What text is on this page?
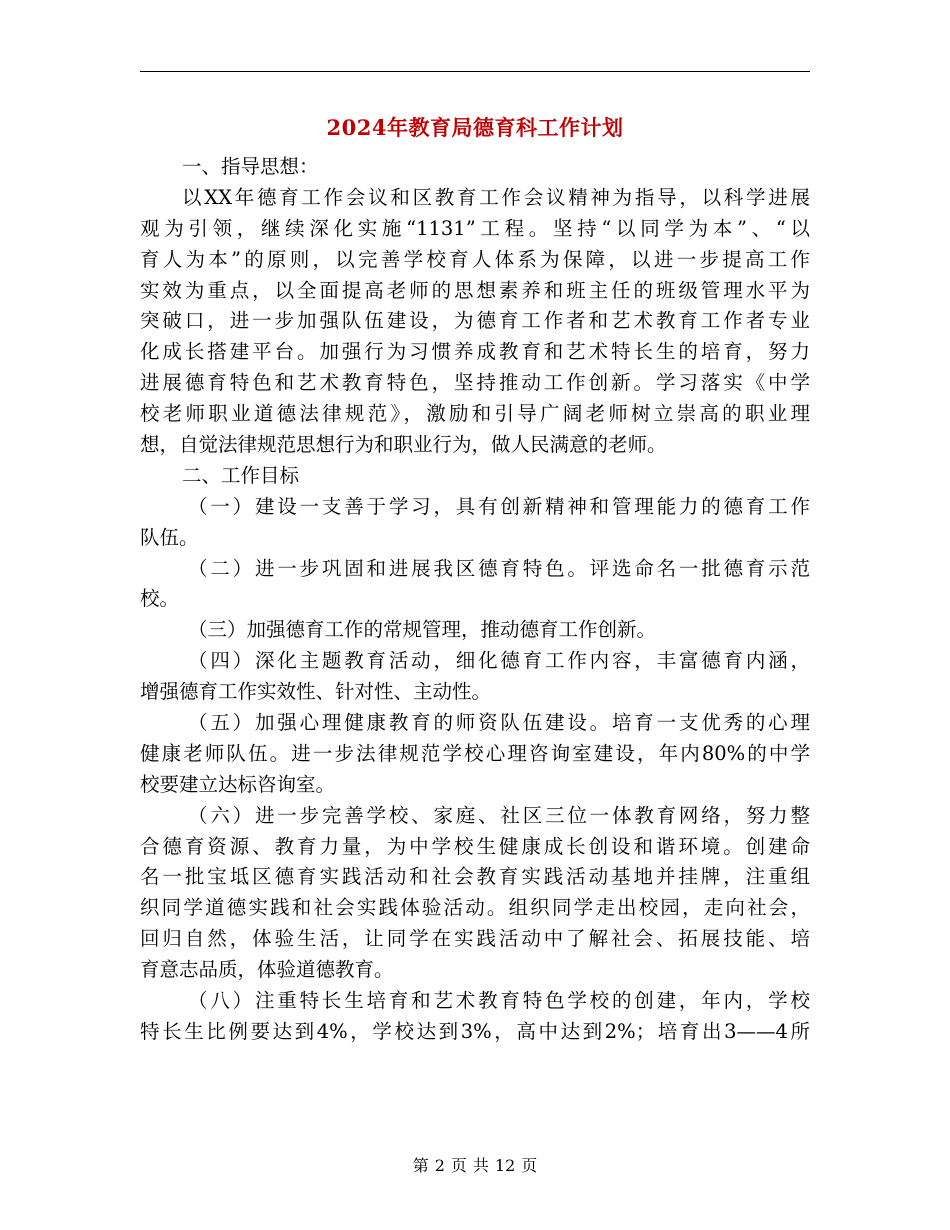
2024年教育局德育科工作计划
一、指导思想：
以XX年德育工作会议和区教育工作会议精神为指导，以科学进展
观为引领，继续深化实施“1131”工程。坚持“以同学为本”、“以
育人为本”的原则，以完善学校育人体系为保障，以进一步提高工作
实效为重点，以全面提高老师的思想素养和班主任的班级管理水平为
突破口，进一步加强队伍建设，为德育工作者和艺术教育工作者专业
化成长搭建平台。加强行为习惯养成教育和艺术特长生的培育，努力
进展德育特色和艺术教育特色，坚持推动工作创新。学习落实《中学
校老师职业道德法律规范》，激励和引导广阔老师树立崇高的职业理
想，自觉法律规范思想行为和职业行为，做人民满意的老师。
二、工作目标
（一）建设一支善于学习，具有创新精神和管理能力的德育工作
队伍。
（二）进一步巩固和进展我区德育特色。评选命名一批德育示范
校。
（三）加强德育工作的常规管理，推动德育工作创新。
（四）深化主题教育活动，细化德育工作内容，丰富德育内涵，
增强德育工作实效性、针对性、主动性。
（五）加强心理健康教育的师资队伍建设。培育一支优秀的心理
健康老师队伍。进一步法律规范学校心理咨询室建设，年内80%的中学
校要建立达标咨询室。
（六）进一步完善学校、家庭、社区三位一体教育网络，努力整
合德育资源、教育力量，为中学校生健康成长创设和谐环境。创建命
名一批宝坻区德育实践活动和社会教育实践活动基地并挂牌，注重组
织同学道德实践和社会实践体验活动。组织同学走出校园，走向社会，
回归自然，体验生活，让同学在实践活动中了解社会、拓展技能、培
育意志品质，体验道德教育。
（八）注重特长生培育和艺术教育特色学校的创建，年内，学校
特长生比例要达到4%，学校达到3%，高中达到2%；培育出3——4所
第 2 页 共 12 页
